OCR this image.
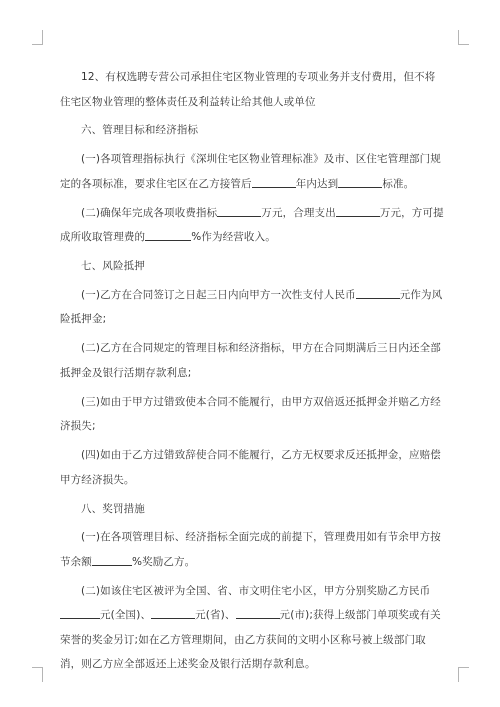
12、有权选聘专营公司承担住宅区物业管理的专项业务并支付费用，但不将住宅区物业管理的整体责任及利益转让给其他人或单位

六、管理目标和经济指标

(一)各项管理指标执行《深圳住宅区物业管理标准》及市、区住宅管理部门规定的各项标准，要求住宅区在乙方接管后	年内达到	标准。

(二)确保年完成各项收费指标	万元，合理支出	万元，方可提成所收取管理费的	%作为经营收入。

七、风险抵押

(一)乙方在合同签订之日起三日内向甲方一次性支付人民币	元作为风险抵押金;

(二)乙方在合同规定的管理目标和经济指标，甲方在合同期满后三日内还全部抵押金及银行活期存款利息;

(三)如由于甲方过错致使本合同不能履行，由甲方双倍返还抵押金并赔乙方经济损失;

(四)如由于乙方过错致辞使合同不能履行，乙方无权要求反还抵押金，应赔偿甲方经济损失。

八、奖罚措施

(一)在各项管理目标、经济指标全面完成的前提下，管理费用如有节余甲方按节余额	%奖励乙方。

(二)如该住宅区被评为全国、省、市文明住宅小区，甲方分别奖励乙方民币元(全国)、	元(省)、	元(市);获得上级部门单项奖或有关荣誉的奖金另订;如在乙方管理期间，由乙方获间的文明小区称号被上级部门取消，则乙方应全部返还上述奖金及银行活期存款利息。
